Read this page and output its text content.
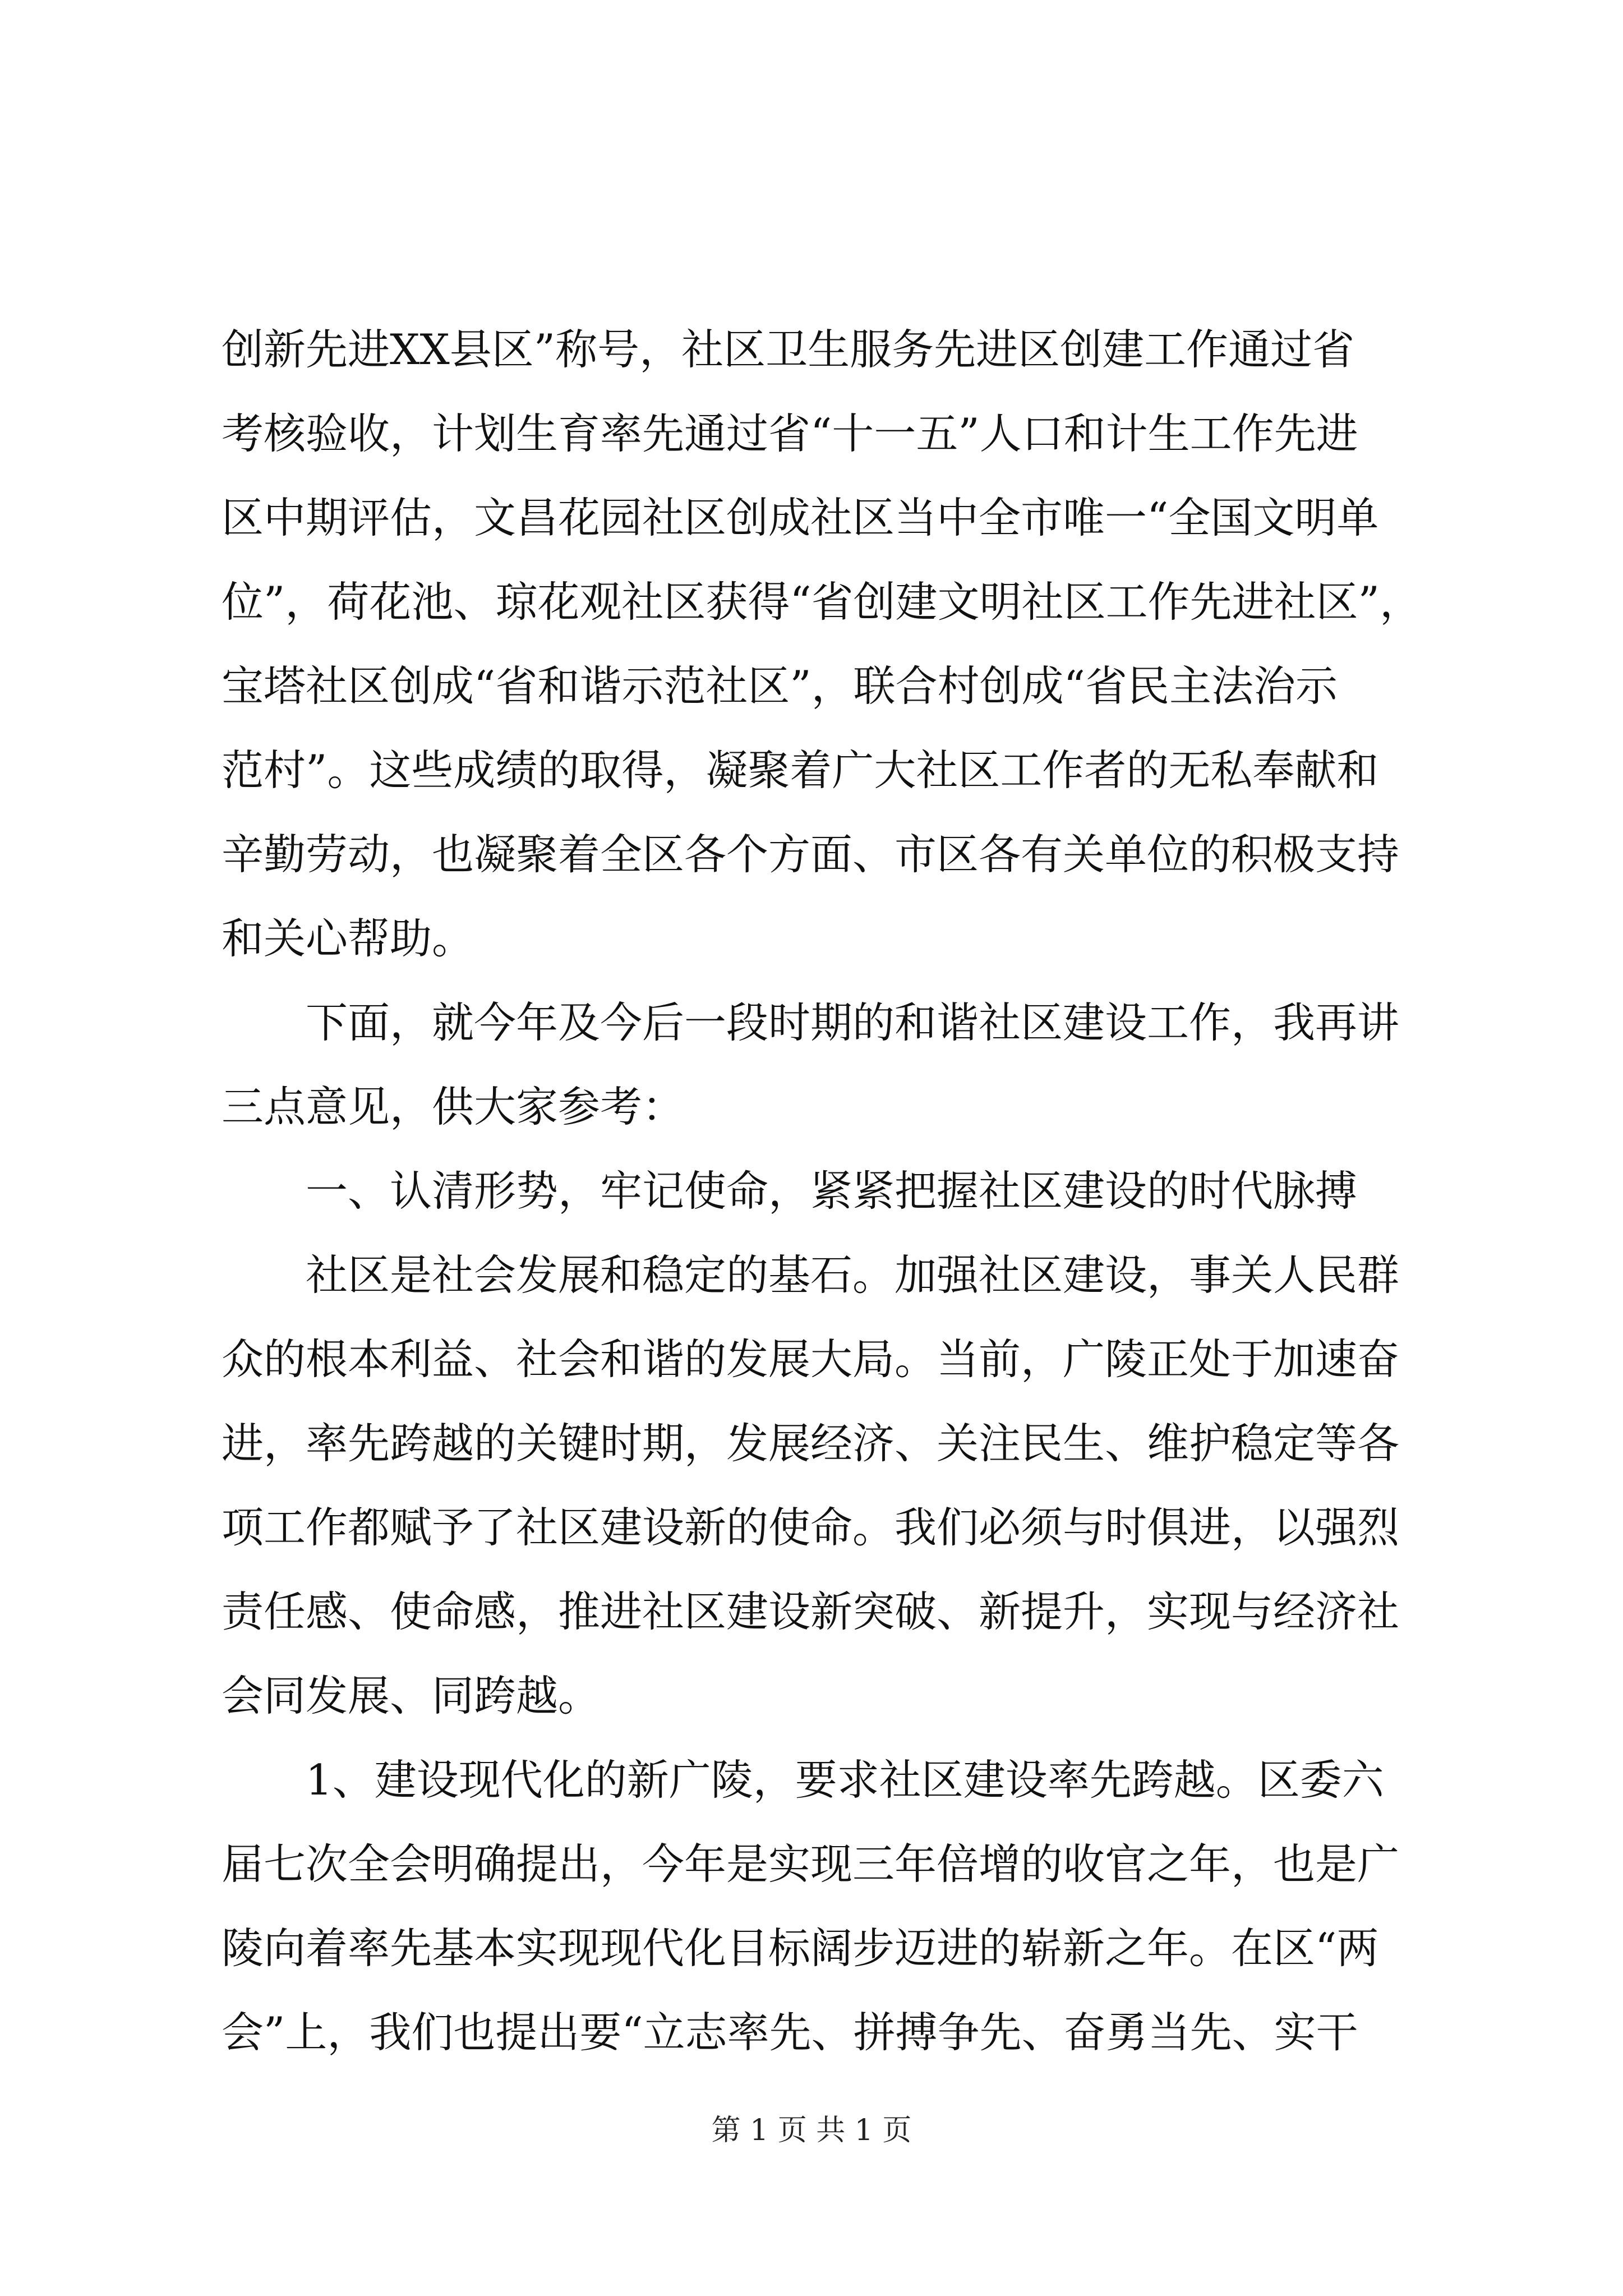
创新先进XX县区”称号，社区卫生服务先进区创建工作通过省
考核验收，计划生育率先通过省“十一五”人口和计生工作先进
区中期评估，文昌花园社区创成社区当中全市唯一“全国文明单
位”，荷花池、琼花观社区获得“省创建文明社区工作先进社区”，
宝塔社区创成“省和谐示范社区”，联合村创成“省民主法治示
范村”。这些成绩的取得，凝聚着广大社区工作者的无私奉献和
辛勤劳动，也凝聚着全区各个方面、市区各有关单位的积极支持
和关心帮助。

下面，就今年及今后一段时期的和谐社区建设工作，我再讲
三点意见，供大家参考：

一、认清形势，牢记使命，紧紧把握社区建设的时代脉搏

社区是社会发展和稳定的基石。加强社区建设，事关人民群
众的根本利益、社会和谐的发展大局。当前，广陵正处于加速奋
进，率先跨越的关键时期，发展经济、关注民生、维护稳定等各
项工作都赋予了社区建设新的使命。我们必须与时俱进，以强烈
责任感、使命感，推进社区建设新突破、新提升，实现与经济社
会同发展、同跨越。

1、建设现代化的新广陵，要求社区建设率先跨越。区委六
届七次全会明确提出，今年是实现三年倍增的收官之年，也是广
陵向着率先基本实现现代化目标阔步迈进的崭新之年。在区“两
会”上，我们也提出要“立志率先、拼搏争先、奋勇当先、实干

第 1 页 共 1 页
